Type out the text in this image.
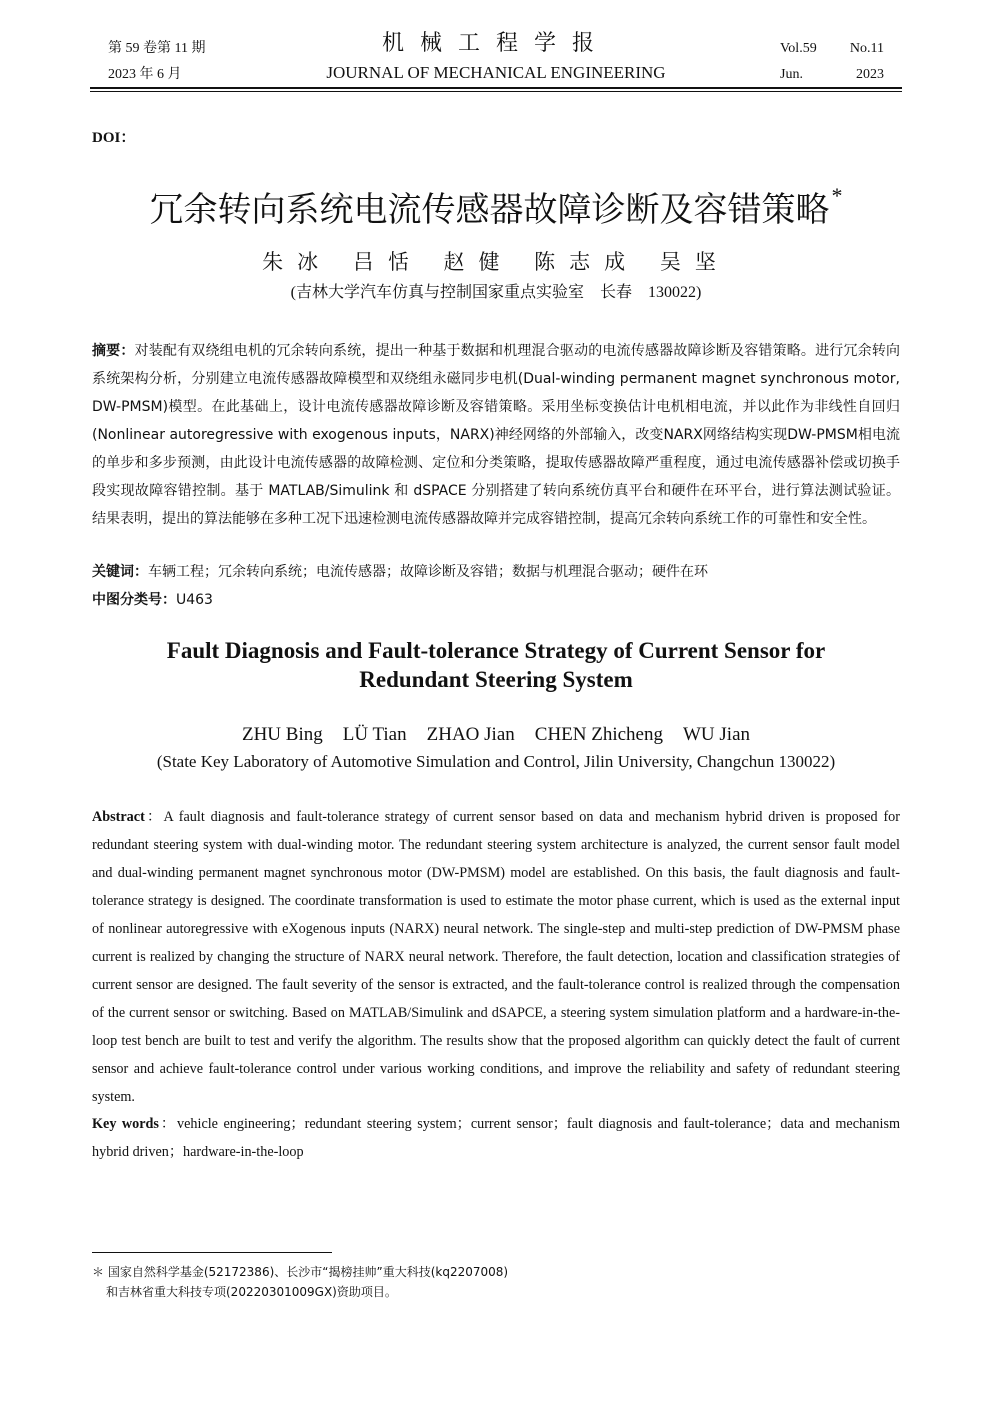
第 59 卷第 11 期
2023 年 6 月
机械工程学报
JOURNAL OF MECHANICAL ENGINEERING
Vol.59 No.11
Jun.	2023
DOI：
冗余转向系统电流传感器故障诊断及容错策略*
朱冰 吕恬 赵健 陈志成 吴坚
(吉林大学汽车仿真与控制国家重点实验室　长春　130022)
摘要：对装配有双绕组电机的冗余转向系统，提出一种基于数据和机理混合驱动的电流传感器故障诊断及容错策略。进行冗余转向系统架构分析，分别建立电流传感器故障模型和双绕组永磁同步电机(Dual-winding permanent magnet synchronous motor, DW-PMSM)模型。在此基础上，设计电流传感器故障诊断及容错策略。采用坐标变换估计电机相电流，并以此作为非线性自回归(Nonlinear autoregressive with exogenous inputs，NARX)神经网络的外部输入，改变NARX网络结构实现DW-PMSM相电流的单步和多步预测，由此设计电流传感器的故障检测、定位和分类策略，提取传感器故障严重程度，通过电流传感器补偿或切换手段实现故障容错控制。基于 MATLAB/Simulink 和 dSPACE 分别搭建了转向系统仿真平台和硬件在环平台，进行算法测试验证。结果表明，提出的算法能够在多种工况下迅速检测电流传感器故障并完成容错控制，提高冗余转向系统工作的可靠性和安全性。
关键词：车辆工程；冗余转向系统；电流传感器；故障诊断及容错；数据与机理混合驱动；硬件在环
中图分类号：U463
Fault Diagnosis and Fault-tolerance Strategy of Current Sensor for
Redundant Steering System
ZHU Bing LÜ Tian ZHAO Jian CHEN Zhicheng WU Jian
(State Key Laboratory of Automotive Simulation and Control, Jilin University, Changchun 130022)
Abstract：A fault diagnosis and fault-tolerance strategy of current sensor based on data and mechanism hybrid driven is proposed for redundant steering system with dual-winding motor. The redundant steering system architecture is analyzed, the current sensor fault model and dual-winding permanent magnet synchronous motor (DW-PMSM) model are established. On this basis, the fault diagnosis and fault-tolerance strategy is designed. The coordinate transformation is used to estimate the motor phase current, which is used as the external input of nonlinear autoregressive with eXogenous inputs (NARX) neural network. The single-step and multi-step prediction of DW-PMSM phase current is realized by changing the structure of NARX neural network. Therefore, the fault detection, location and classification strategies of current sensor are designed. The fault severity of the sensor is extracted, and the fault-tolerance control is realized through the compensation of the current sensor or switching. Based on MATLAB/Simulink and dSAPCE, a steering system simulation platform and a hardware-in-the-loop test bench are built to test and verify the algorithm. The results show that the proposed algorithm can quickly detect the fault of current sensor and achieve fault-tolerance control under various working conditions, and improve the reliability and safety of redundant steering system.
Key words：vehicle engineering；redundant steering system；current sensor；fault diagnosis and fault-tolerance；data and mechanism hybrid driven；hardware-in-the-loop
＊ 国家自然科学基金(52172386)、长沙市“揭榜挂帅”重大科技(kq2207008)
和吉林省重大科技专项(20220301009GX)资助项目。
